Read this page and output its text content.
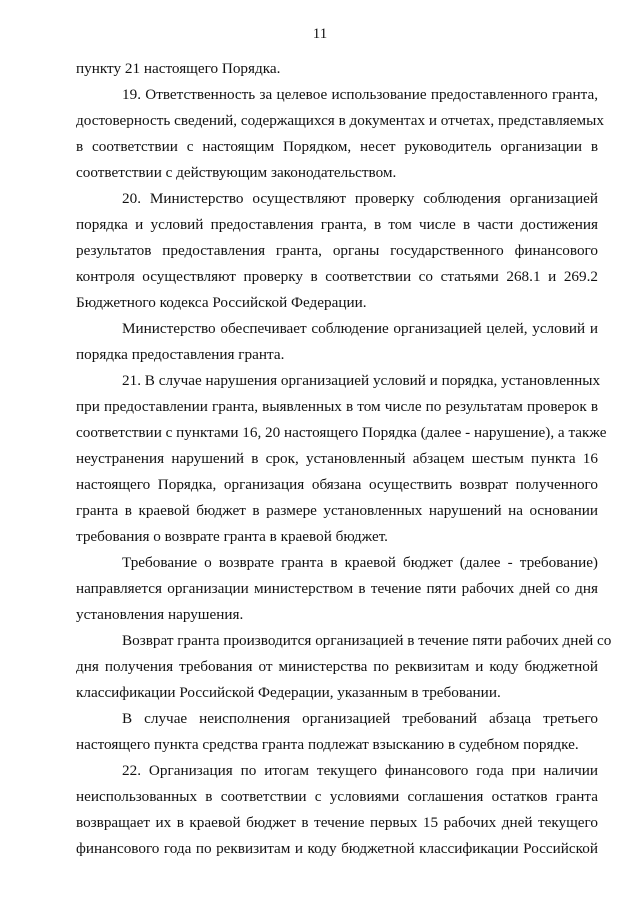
11
пункту 21 настоящего Порядка.
19. Ответственность за целевое использование предоставленного гранта,
достоверность сведений, содержащихся в документах и отчетах, представляемых
в соответствии с настоящим Порядком, несет руководитель организации в
соответствии с действующим законодательством.
20. Министерство осуществляют проверку соблюдения организацией
порядка и условий предоставления гранта, в том числе в части достижения
результатов предоставления гранта, органы государственного финансового
контроля осуществляют проверку в соответствии со статьями 268.1 и 269.2
Бюджетного кодекса Российской Федерации.
Министерство обеспечивает соблюдение организацией целей, условий и
порядка предоставления гранта.
21. В случае нарушения организацией условий и порядка, установленных
при предоставлении гранта, выявленных в том числе по результатам проверок в
соответствии с пунктами 16, 20 настоящего Порядка (далее - нарушение), а также
неустранения нарушений в срок, установленный абзацем шестым пункта 16
настоящего Порядка, организация обязана осуществить возврат полученного
гранта в краевой бюджет в размере установленных нарушений на основании
требования о возврате гранта в краевой бюджет.
Требование о возврате гранта в краевой бюджет (далее - требование)
направляется организации министерством в течение пяти рабочих дней со дня
установления нарушения.
Возврат гранта производится организацией в течение пяти рабочих дней со
дня получения требования от министерства по реквизитам и коду бюджетной
классификации Российской Федерации, указанным в требовании.
В случае неисполнения организацией требований абзаца третьего
настоящего пункта средства гранта подлежат взысканию в судебном порядке.
22. Организация по итогам текущего финансового года при наличии
неиспользованных в соответствии с условиями соглашения остатков гранта
возвращает их в краевой бюджет в течение первых 15 рабочих дней текущего
финансового года по реквизитам и коду бюджетной классификации Российской
